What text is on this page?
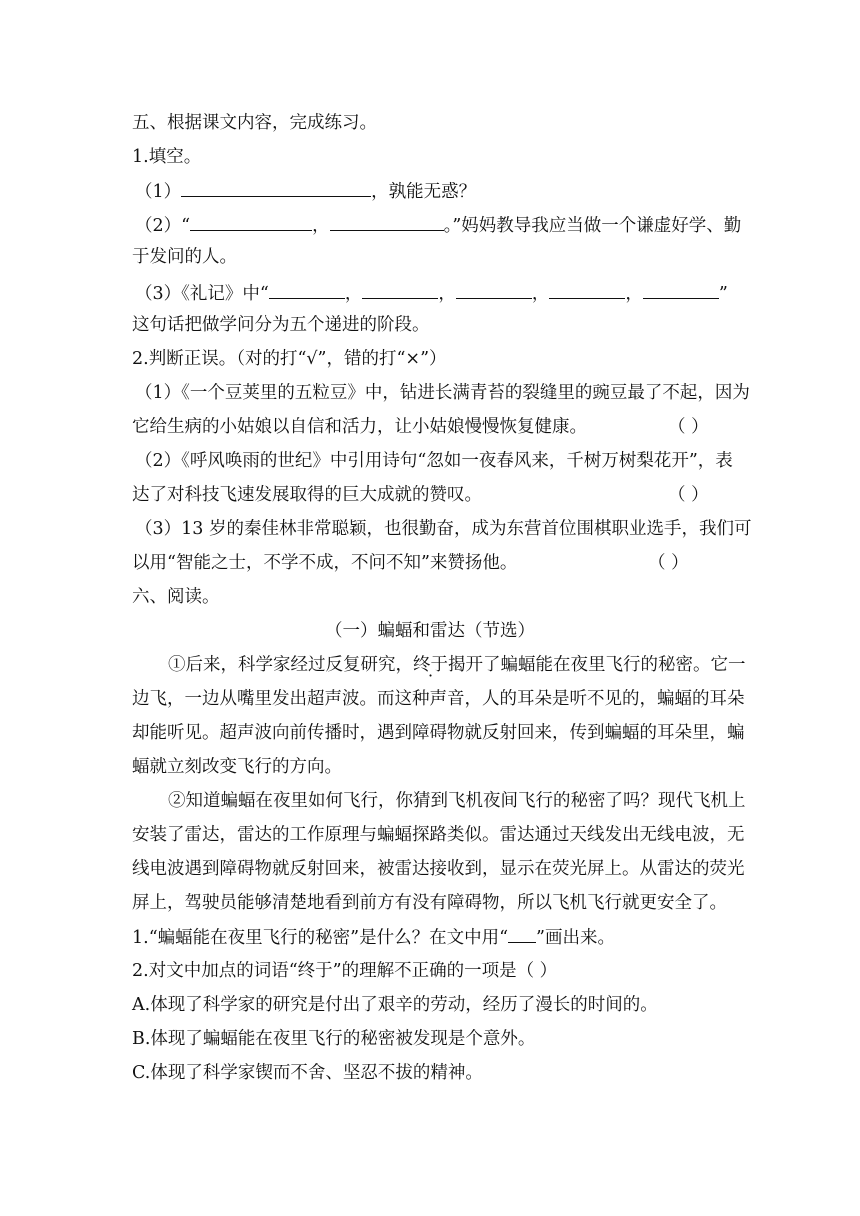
五、根据课文内容，完成练习。
1.填空。
（1）	，孰能无惑？
（2）“	，	。”妈妈教导我应当做一个谦虚好学、勤
于发问的人。
（3）《礼记》中“	，	，	，	，	”
这句话把做学问分为五个递进的阶段。
2.判断正误。（对的打“√”，错的打“×”）
（1）《一个豆荚里的五粒豆》中，钻进长满青苔的裂缝里的豌豆最了不起，因为
它给生病的小姑娘以自信和活力，让小姑娘慢慢恢复健康。	（ ）
（2）《呼风唤雨的世纪》中引用诗句“忽如一夜春风来，千树万树梨花开”，表
达了对科技飞速发展取得的巨大成就的赞叹。	（ ）
（3）13 岁的秦佳林非常聪颖，也很勤奋，成为东营首位围棋职业选手，我们可
以用“智能之士，不学不成，不问不知”来赞扬他。	（ ）
六、阅读。
（一）蝙蝠和雷达（节选）
①后来，科学家经过反复研究，终于揭开了蝙蝠能在夜里飞行的秘密。它一
边飞，一边从嘴里发出超声波。而这种声音，人的耳朵是听不见的，蝙蝠的耳朵
却能听见。超声波向前传播时，遇到障碍物就反射回来，传到蝙蝠的耳朵里，蝙
蝠就立刻改变飞行的方向。
②知道蝙蝠在夜里如何飞行，你猜到飞机夜间飞行的秘密了吗？现代飞机上
安装了雷达，雷达的工作原理与蝙蝠探路类似。雷达通过天线发出无线电波，无
线电波遇到障碍物就反射回来，被雷达接收到，显示在荧光屏上。从雷达的荧光
屏上，驾驶员能够清楚地看到前方有没有障碍物，所以飞机飞行就更安全了。
1.“蝙蝠能在夜里飞行的秘密”是什么？在文中用“ ”画出来。
2.对文中加点的词语“终于”的理解不正确的一项是（ ）
A.体现了科学家的研究是付出了艰辛的劳动，经历了漫长的时间的。
B.体现了蝙蝠能在夜里飞行的秘密被发现是个意外。
C.体现了科学家锲而不舍、坚忍不拔的精神。
